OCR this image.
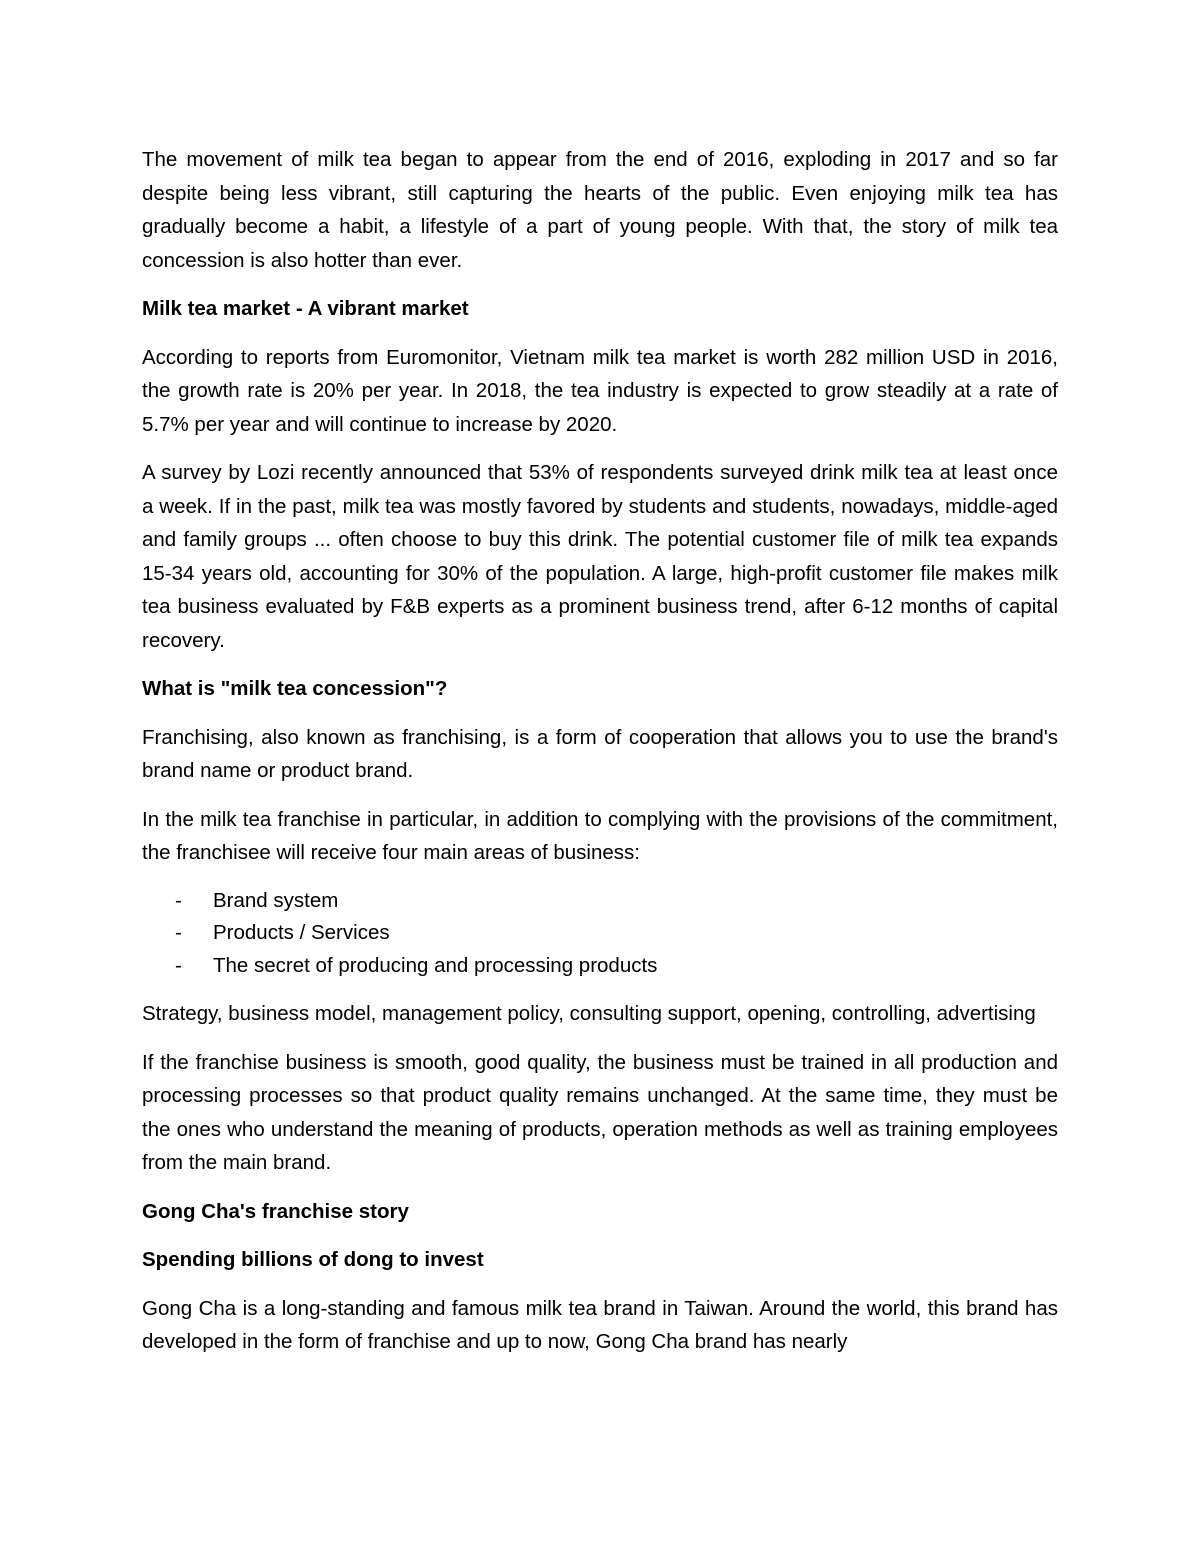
The movement of milk tea began to appear from the end of 2016, exploding in 2017 and so far despite being less vibrant, still capturing the hearts of the public. Even enjoying milk tea has gradually become a habit, a lifestyle of a part of young people. With that, the story of milk tea concession is also hotter than ever.

Milk tea market - A vibrant market

According to reports from Euromonitor, Vietnam milk tea market is worth 282 million USD in 2016, the growth rate is 20% per year. In 2018, the tea industry is expected to grow steadily at a rate of 5.7% per year and will continue to increase by 2020.

A survey by Lozi recently announced that 53% of respondents surveyed drink milk tea at least once a week. If in the past, milk tea was mostly favored by students and students, nowadays, middle-aged and family groups ... often choose to buy this drink. The potential customer file of milk tea expands 15-34 years old, accounting for 30% of the population. A large, high-profit customer file makes milk tea business evaluated by F&B experts as a prominent business trend, after 6-12 months of capital recovery.

What is "milk tea concession"?

Franchising, also known as franchising, is a form of cooperation that allows you to use the brand's brand name or product brand.

In the milk tea franchise in particular, in addition to complying with the provisions of the commitment, the franchisee will receive four main areas of business:

- Brand system
- Products / Services
- The secret of producing and processing products

Strategy, business model, management policy, consulting support, opening, controlling, advertising

If the franchise business is smooth, good quality, the business must be trained in all production and processing processes so that product quality remains unchanged. At the same time, they must be the ones who understand the meaning of products, operation methods as well as training employees from the main brand.

Gong Cha's franchise story

Spending billions of dong to invest

Gong Cha is a long-standing and famous milk tea brand in Taiwan. Around the world, this brand has developed in the form of franchise and up to now, Gong Cha brand has nearly
